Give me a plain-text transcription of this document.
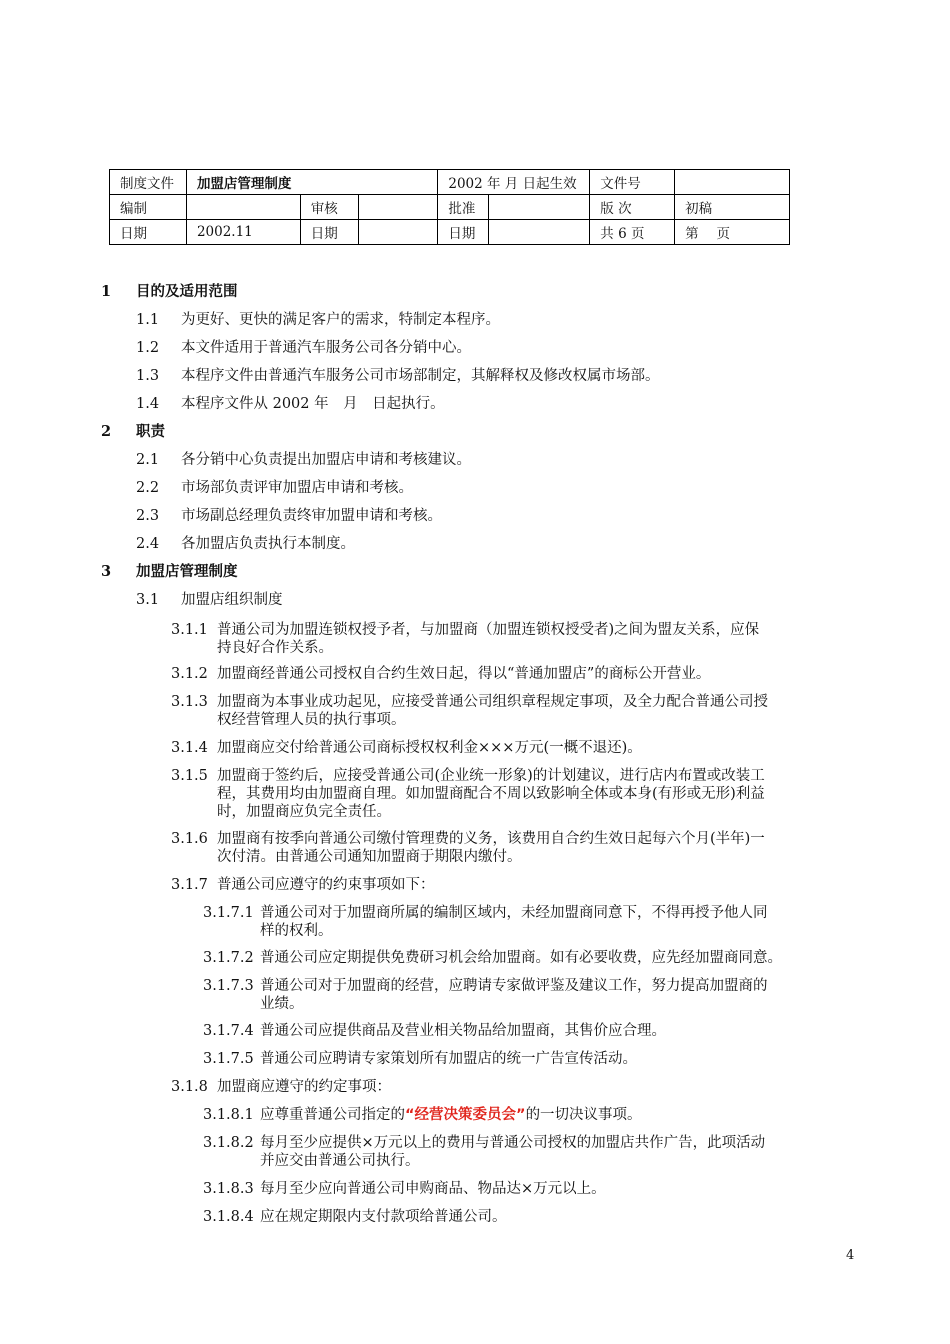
制度文件	加盟店管理制度			2002 年 月 日起生效		文件号	
编制		审核		批准		版 次	初稿
日期	2002.11	日期		日期		共 6 页	第　 页
1 目的及适用范围
1.1 为更好、更快的满足客户的需求，特制定本程序。
1.2 本文件适用于普通汽车服务公司各分销中心。
1.3 本程序文件由普通汽车服务公司市场部制定，其解释权及修改权属市场部。
1.4 本程序文件从 2002 年　月　日起执行。
2 职责
2.1 各分销中心负责提出加盟店申请和考核建议。
2.2 市场部负责评审加盟店申请和考核。
2.3 市场副总经理负责终审加盟申请和考核。
2.4 各加盟店负责执行本制度。
3 加盟店管理制度
3.1 加盟店组织制度
3.1.1 普通公司为加盟连锁权授予者，与加盟商（加盟连锁权授受者)之间为盟友关系，应保
持良好合作关系。
3.1.2 加盟商经普通公司授权自合约生效日起，得以“普通加盟店”的商标公开营业。
3.1.3 加盟商为本事业成功起见，应接受普通公司组织章程规定事项，及全力配合普通公司授
权经营管理人员的执行事项。
3.1.4 加盟商应交付给普通公司商标授权权利金×××万元(一概不退还)。
3.1.5 加盟商于签约后，应接受普通公司(企业统一形象)的计划建议，进行店内布置或改装工
程，其费用均由加盟商自理。如加盟商配合不周以致影响全体或本身(有形或无形)利益
时，加盟商应负完全责任。
3.1.6 加盟商有按季向普通公司缴付管理费的义务，该费用自合约生效日起每六个月(半年)一
次付清。由普通公司通知加盟商于期限内缴付。
3.1.7 普通公司应遵守的约束事项如下：
3.1.7.1 普通公司对于加盟商所属的编制区域内，未经加盟商同意下，不得再授予他人同
样的权利。
3.1.7.2 普通公司应定期提供免费研习机会给加盟商。如有必要收费，应先经加盟商同意。
3.1.7.3 普通公司对于加盟商的经营，应聘请专家做评鉴及建议工作，努力提高加盟商的
业绩。
3.1.7.4 普通公司应提供商品及营业相关物品给加盟商，其售价应合理。
3.1.7.5 普通公司应聘请专家策划所有加盟店的统一广告宣传活动。
3.1.8 加盟商应遵守的约定事项：
3.1.8.1 应尊重普通公司指定的“经营决策委员会”的一切决议事项。
3.1.8.2 每月至少应提供×万元以上的费用与普通公司授权的加盟店共作广告，此项活动
并应交由普通公司执行。
3.1.8.3 每月至少应向普通公司申购商品、物品达×万元以上。
3.1.8.4 应在规定期限内支付款项给普通公司。
4
